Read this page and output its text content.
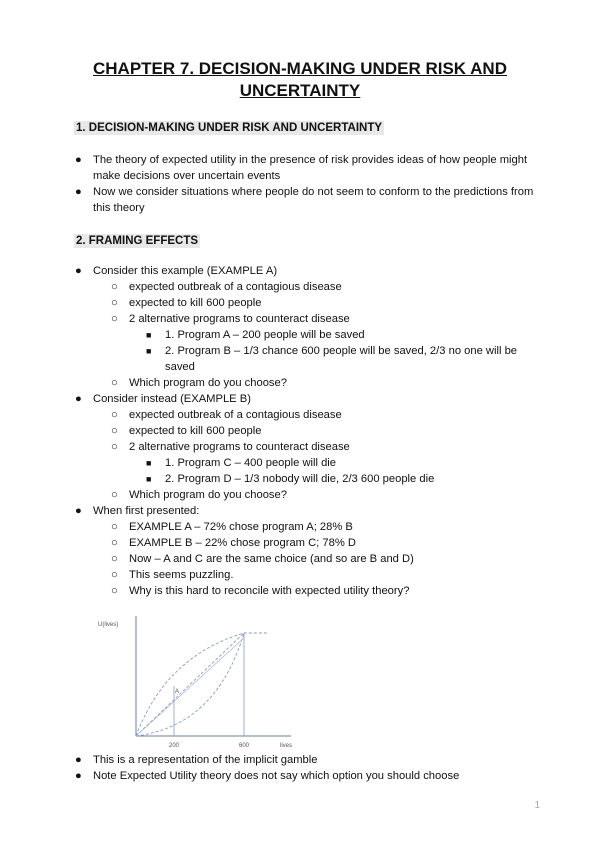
CHAPTER 7. DECISION-MAKING UNDER RISK AND
UNCERTAINTY
1. DECISION-MAKING UNDER RISK AND UNCERTAINTY
● The theory of expected utility in the presence of risk provides ideas of how people might make decisions over uncertain events
● Now we consider situations where people do not seem to conform to the predictions from this theory
2. FRAMING EFFECTS
● Consider this example (EXAMPLE A)
○ expected outbreak of a contagious disease
○ expected to kill 600 people
○ 2 alternative programs to counteract disease
■ 1. Program A – 200 people will be saved
■ 2. Program B – 1/3 chance 600 people will be saved, 2/3 no one will be saved
○ Which program do you choose?
● Consider instead (EXAMPLE B)
○ expected outbreak of a contagious disease
○ expected to kill 600 people
○ 2 alternative programs to counteract disease
■ 1. Program C – 400 people will die
■ 2. Program D – 1/3 nobody will die, 2/3 600 people die
○ Which program do you choose?
● When first presented:
○ EXAMPLE A – 72% chose program A; 28% B
○ EXAMPLE B – 22% chose program C; 78% D
○ Now – A and C are the same choice (and so are B and D)
○ This seems puzzling.
○ Why is this hard to reconcile with expected utility theory?
U(lives)
lives
200	600
A
● This is a representation of the implicit gamble
● Note Expected Utility theory does not say which option you should choose
1
